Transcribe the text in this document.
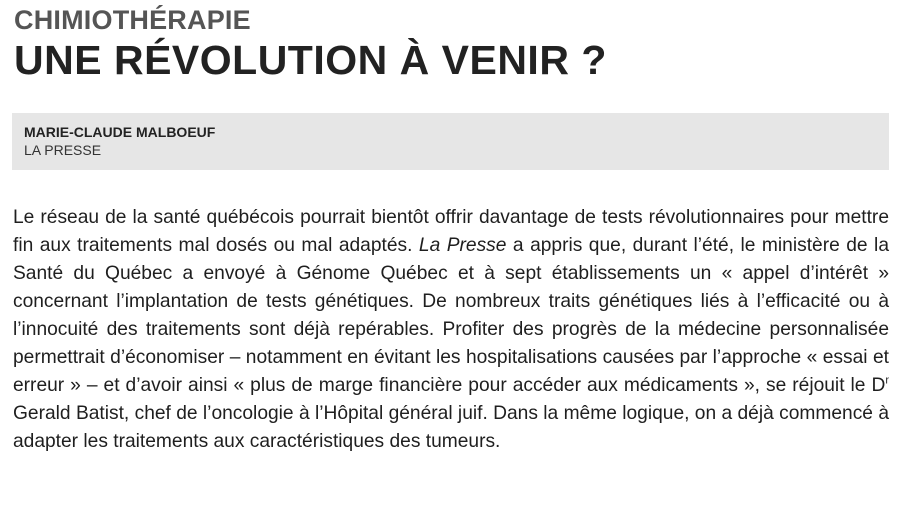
CHIMIOTHÉRAPIE

UNE RÉVOLUTION À VENIR ?

MARIE-CLAUDE MALBOEUF

LA PRESSE

Le réseau de la santé québécois pourrait bientôt offrir davantage de tests révolutionnaires pour mettre fin aux traitements mal dosés ou mal adaptés. La Presse a appris que, durant l’été, le ministère de la Santé du Québec a envoyé à Génome Québec et à sept établissements un « appel d’intérêt » concernant l’implantation de tests génétiques. De nombreux traits génétiques liés à l’efficacité ou à l’innocuité des traitements sont déjà repérables. Profiter des progrès de la médecine personnalisée permettrait d’économiser – notamment en évitant les hospitalisations causées par l’approche « essai et erreur » – et d’avoir ainsi « plus de marge financière pour accéder aux médicaments », se réjouit le $D^r$ Gerald Batist, chef de l’oncologie à l’Hôpital général juif. Dans la même logique, on a déjà commencé à adapter les traitements aux caractéristiques des tumeurs.
